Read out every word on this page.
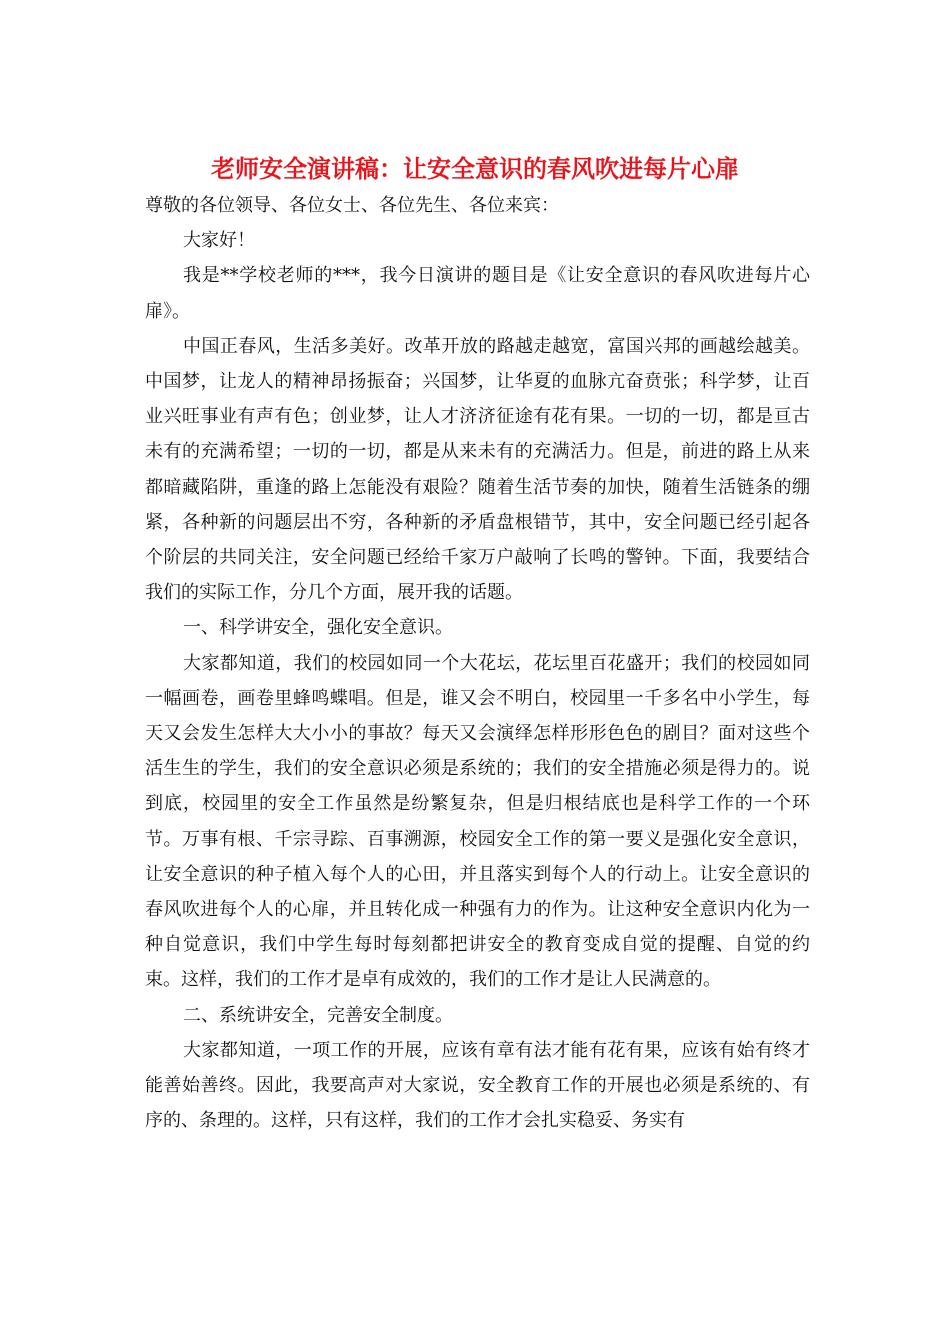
老师安全演讲稿：让安全意识的春风吹进每片心扉

尊敬的各位领导、各位女士、各位先生、各位来宾：

大家好！

我是**学校老师的***，我今日演讲的题目是《让安全意识的春风吹进每片心扉》。

中国正春风，生活多美好。改革开放的路越走越宽，富国兴邦的画越绘越美。中国梦，让龙人的精神昂扬振奋；兴国梦，让华夏的血脉亢奋贲张；科学梦，让百业兴旺事业有声有色；创业梦，让人才济济征途有花有果。一切的一切，都是亘古未有的充满希望；一切的一切，都是从来未有的充满活力。但是，前进的路上从来都暗藏陷阱，重逢的路上怎能没有艰险？随着生活节奏的加快，随着生活链条的绷紧，各种新的问题层出不穷，各种新的矛盾盘根错节，其中，安全问题已经引起各个阶层的共同关注，安全问题已经给千家万户敲响了长鸣的警钟。下面，我要结合我们的实际工作，分几个方面，展开我的话题。

一、科学讲安全，强化安全意识。

大家都知道，我们的校园如同一个大花坛，花坛里百花盛开；我们的校园如同一幅画卷，画卷里蜂鸣蝶唱。但是，谁又会不明白，校园里一千多名中小学生，每天又会发生怎样大大小小的事故？每天又会演绎怎样形形色色的剧目？面对这些个活生生的学生，我们的安全意识必须是系统的；我们的安全措施必须是得力的。说到底，校园里的安全工作虽然是纷繁复杂，但是归根结底也是科学工作的一个环节。万事有根、千宗寻踪、百事溯源，校园安全工作的第一要义是强化安全意识，让安全意识的种子植入每个人的心田，并且落实到每个人的行动上。让安全意识的春风吹进每个人的心扉，并且转化成一种强有力的作为。让这种安全意识内化为一种自觉意识，我们中学生每时每刻都把讲安全的教育变成自觉的提醒、自觉的约束。这样，我们的工作才是卓有成效的，我们的工作才是让人民满意的。

二、系统讲安全，完善安全制度。

大家都知道，一项工作的开展，应该有章有法才能有花有果，应该有始有终才能善始善终。因此，我要高声对大家说，安全教育工作的开展也必须是系统的、有序的、条理的。这样，只有这样，我们的工作才会扎实稳妥、务实有
